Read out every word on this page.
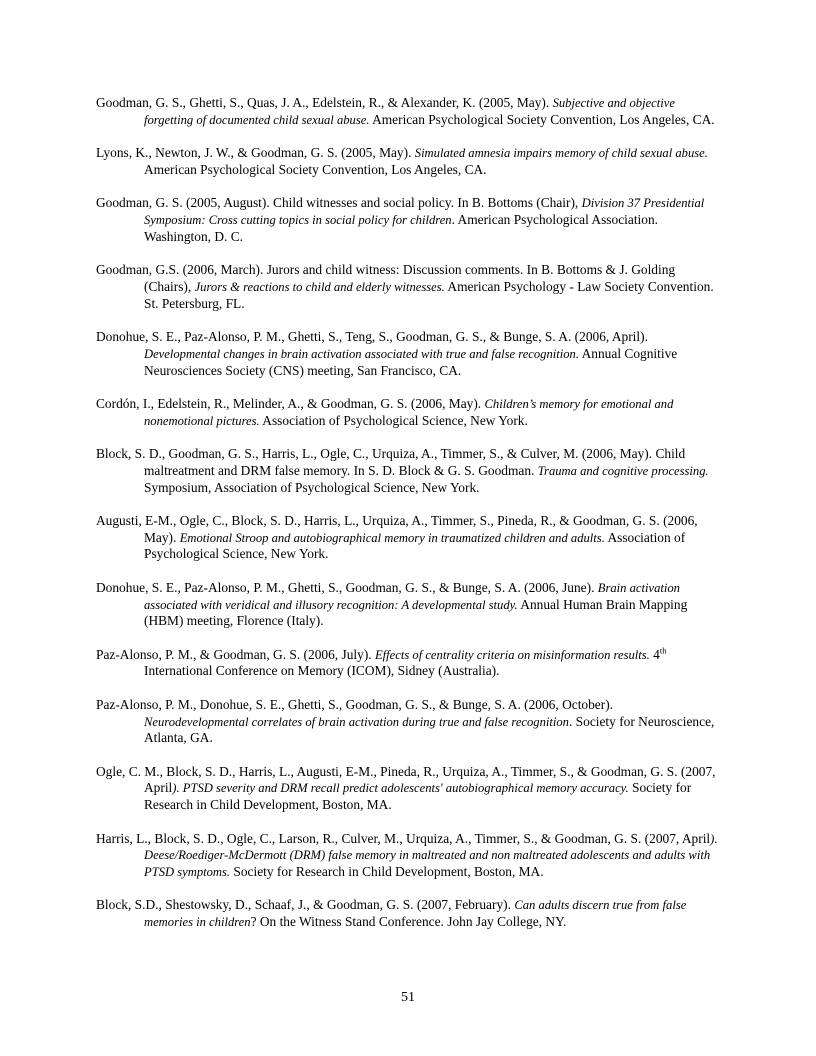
Goodman, G. S., Ghetti, S., Quas, J. A., Edelstein, R., & Alexander, K. (2005, May). Subjective and objective forgetting of documented child sexual abuse. American Psychological Society Convention, Los Angeles, CA.

Lyons, K., Newton, J. W., & Goodman, G. S. (2005, May). Simulated amnesia impairs memory of child sexual abuse. American Psychological Society Convention, Los Angeles, CA.

Goodman, G. S. (2005, August). Child witnesses and social policy. In B. Bottoms (Chair), Division 37 Presidential Symposium: Cross cutting topics in social policy for children. American Psychological Association. Washington, D. C.

Goodman, G.S. (2006, March). Jurors and child witness: Discussion comments. In B. Bottoms & J. Golding (Chairs), Jurors & reactions to child and elderly witnesses. American Psychology - Law Society Convention. St. Petersburg, FL.

Donohue, S. E., Paz-Alonso, P. M., Ghetti, S., Teng, S., Goodman, G. S., & Bunge, S. A. (2006, April). Developmental changes in brain activation associated with true and false recognition. Annual Cognitive Neurosciences Society (CNS) meeting, San Francisco, CA.

Cordón, I., Edelstein, R., Melinder, A., & Goodman, G. S. (2006, May). Children’s memory for emotional and nonemotional pictures. Association of Psychological Science, New York.

Block, S. D., Goodman, G. S., Harris, L., Ogle, C., Urquiza, A., Timmer, S., & Culver, M. (2006, May). Child maltreatment and DRM false memory. In S. D. Block & G. S. Goodman. Trauma and cognitive processing. Symposium, Association of Psychological Science, New York.

Augusti, E-M., Ogle, C., Block, S. D., Harris, L., Urquiza, A., Timmer, S., Pineda, R., & Goodman, G. S. (2006, May). Emotional Stroop and autobiographical memory in traumatized children and adults. Association of Psychological Science, New York.

Donohue, S. E., Paz-Alonso, P. M., Ghetti, S., Goodman, G. S., & Bunge, S. A. (2006, June). Brain activation associated with veridical and illusory recognition: A developmental study. Annual Human Brain Mapping (HBM) meeting, Florence (Italy).

Paz-Alonso, P. M., & Goodman, G. S. (2006, July). Effects of centrality criteria on misinformation results. 4th International Conference on Memory (ICOM), Sidney (Australia).

Paz-Alonso, P. M., Donohue, S. E., Ghetti, S., Goodman, G. S., & Bunge, S. A. (2006, October). Neurodevelopmental correlates of brain activation during true and false recognition. Society for Neuroscience, Atlanta, GA.

Ogle, C. M., Block, S. D., Harris, L., Augusti, E-M., Pineda, R., Urquiza, A., Timmer, S., & Goodman, G. S. (2007, April). PTSD severity and DRM recall predict adolescents' autobiographical memory accuracy. Society for Research in Child Development, Boston, MA.

Harris, L., Block, S. D., Ogle, C., Larson, R., Culver, M., Urquiza, A., Timmer, S., & Goodman, G. S. (2007, April). Deese/Roediger-McDermott (DRM) false memory in maltreated and non maltreated adolescents and adults with PTSD symptoms. Society for Research in Child Development, Boston, MA.

Block, S.D., Shestowsky, D., Schaaf, J., & Goodman, G. S. (2007, February). Can adults discern true from false memories in children? On the Witness Stand Conference. John Jay College, NY.

51
